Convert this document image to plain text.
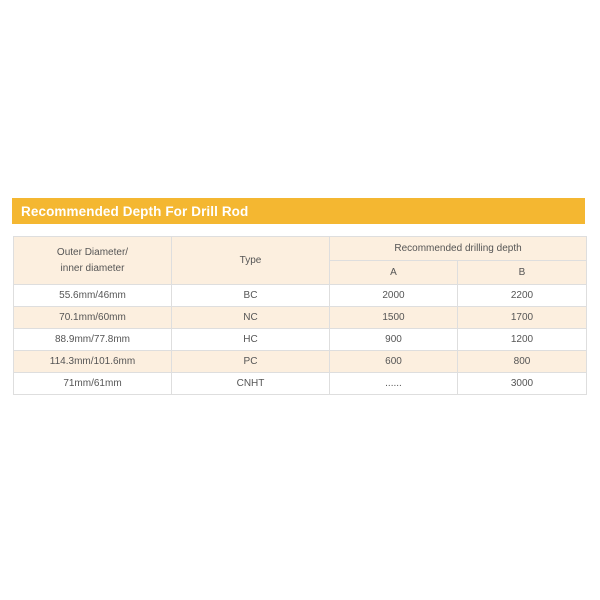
Recommended Depth For Drill Rod
Outer Diameter/
inner diameter	Type	Recommended drilling depth	
		A	B
55.6mm/46mm	BC	2000	2200
70.1mm/60mm	NC	1500	1700
88.9mm/77.8mm	HC	900	1200
114.3mm/101.6mm	PC	600	800
71mm/61mm	CNHT	......	3000
